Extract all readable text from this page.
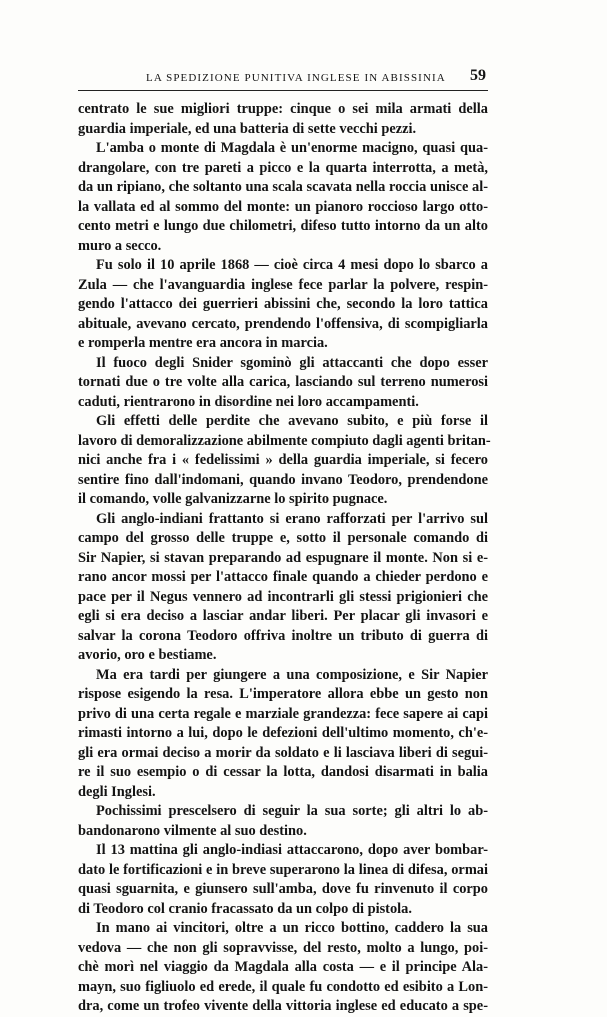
LA SPEDIZIONE PUNITIVA INGLESE IN ABISSINIA 59
centrato le sue migliori truppe: cinque o sei mila armati della
guardia imperiale, ed una batteria di sette vecchi pezzi.
L'amba o monte di Magdala è un'enorme macigno, quasi qua-
drangolare, con tre pareti a picco e la quarta interrotta, a metà,
da un ripiano, che soltanto una scala scavata nella roccia unisce al-
la vallata ed al sommo del monte: un pianoro roccioso largo otto-
cento metri e lungo due chilometri, difeso tutto intorno da un alto
muro a secco.
Fu solo il 10 aprile 1868 — cioè circa 4 mesi dopo lo sbarco a
Zula — che l'avanguardia inglese fece parlar la polvere, respin-
gendo l'attacco dei guerrieri abissini che, secondo la loro tattica
abituale, avevano cercato, prendendo l'offensiva, di scompigliarla
e romperla mentre era ancora in marcia.
Il fuoco degli Snider sgominò gli attaccanti che dopo esser
tornati due o tre volte alla carica, lasciando sul terreno numerosi
caduti, rientrarono in disordine nei loro accampamenti.
Gli effetti delle perdite che avevano subito, e più forse il
lavoro di demoralizzazione abilmente compiuto dagli agenti britan-
nici anche fra i « fedelissimi » della guardia imperiale, si fecero
sentire fino dall'indomani, quando invano Teodoro, prendendone
il comando, volle galvanizzarne lo spirito pugnace.
Gli anglo-indiani frattanto si erano rafforzati per l'arrivo sul
campo del grosso delle truppe e, sotto il personale comando di
Sir Napier, si stavan preparando ad espugnare il monte. Non si e-
rano ancor mossi per l'attacco finale quando a chieder perdono e
pace per il Negus vennero ad incontrarli gli stessi prigionieri che
egli si era deciso a lasciar andar liberi. Per placar gli invasori e
salvar la corona Teodoro offriva inoltre un tributo di guerra di
avorio, oro e bestiame.
Ma era tardi per giungere a una composizione, e Sir Napier
rispose esigendo la resa. L'imperatore allora ebbe un gesto non
privo di una certa regale e marziale grandezza: fece sapere ai capi
rimasti intorno a lui, dopo le defezioni dell'ultimo momento, ch'e-
gli era ormai deciso a morir da soldato e li lasciava liberi di segui-
re il suo esempio o di cessar la lotta, dandosi disarmati in balia
degli Inglesi.
Pochissimi prescelsero di seguir la sua sorte; gli altri lo ab-
bandonarono vilmente al suo destino.
Il 13 mattina gli anglo-indiasi attaccarono, dopo aver bombar-
dato le fortificazioni e in breve superarono la linea di difesa, ormai
quasi sguarnita, e giunsero sull'amba, dove fu rinvenuto il corpo
di Teodoro col cranio fracassato da un colpo di pistola.
In mano ai vincitori, oltre a un ricco bottino, caddero la sua
vedova — che non gli sopravvisse, del resto, molto a lungo, poi-
chè morì nel viaggio da Magdala alla costa — e il principe Ala-
mayn, suo figliuolo ed erede, il quale fu condotto ed esibito a Lon-
dra, come un trofeo vivente della vittoria inglese ed educato a spe-
